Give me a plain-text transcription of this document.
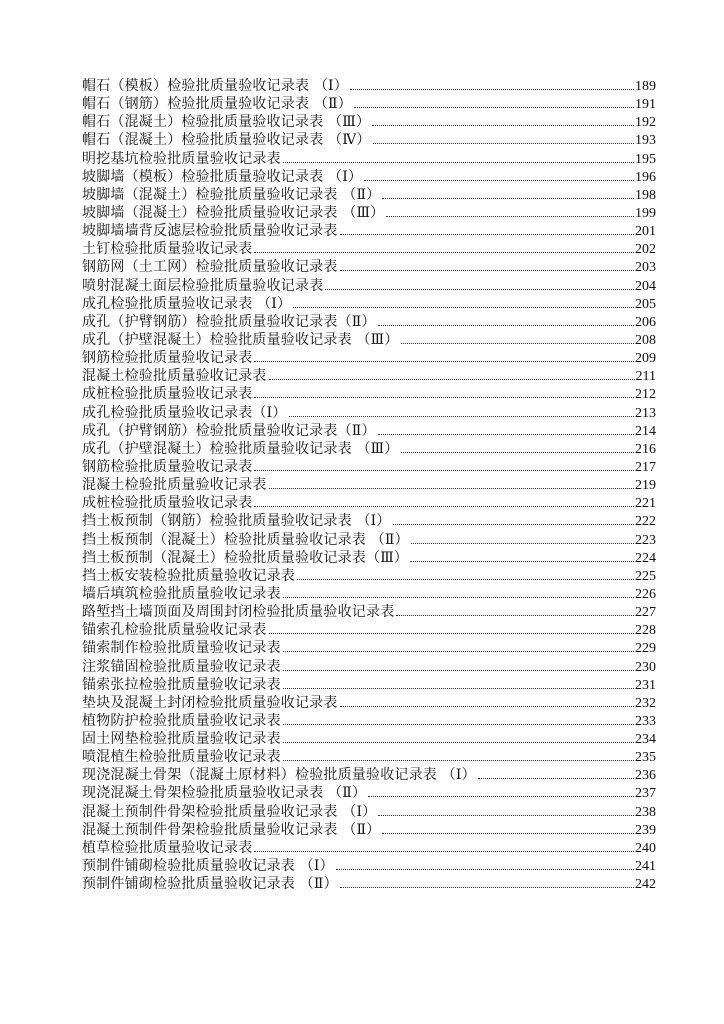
帽石（模板）检验批质量验收记录表 （Ⅰ）	189
帽石（钢筋）检验批质量验收记录表 （Ⅱ）	191
帽石（混凝土）检验批质量验收记录表 （Ⅲ）	192
帽石（混凝土）检验批质量验收记录表 （Ⅳ）	193
明挖基坑检验批质量验收记录表	195
坡脚墙（模板）检验批质量验收记录表 （Ⅰ）	196
坡脚墙（混凝土）检验批质量验收记录表 （Ⅱ）	198
坡脚墙（混凝土）检验批质量验收记录表 （Ⅲ）	199
坡脚墙墙背反滤层检验批质量验收记录表	201
土钉检验批质量验收记录表	202
钢筋网（土工网）检验批质量验收记录表	203
喷射混凝土面层检验批质量验收记录表	204
成孔检验批质量验收记录表 （Ⅰ）	205
成孔（护臂钢筋）检验批质量验收记录表（Ⅱ）	206
成孔（护壁混凝土）检验批质量验收记录表 （Ⅲ）	208
钢筋检验批质量验收记录表	209
混凝土检验批质量验收记录表	211
成桩检验批质量验收记录表	212
成孔检验批质量验收记录表（Ⅰ）	213
成孔（护臂钢筋）检验批质量验收记录表（Ⅱ）	214
成孔（护壁混凝土）检验批质量验收记录表 （Ⅲ）	216
钢筋检验批质量验收记录表	217
混凝土检验批质量验收记录表	219
成桩检验批质量验收记录表	221
挡土板预制（钢筋）检验批质量验收记录表 （Ⅰ）	222
挡土板预制（混凝土）检验批质量验收记录表 （Ⅱ）	223
挡土板预制（混凝土）检验批质量验收记录表（Ⅲ）	224
挡土板安装检验批质量验收记录表	225
墙后填筑检验批质量验收记录表	226
路堑挡土墙顶面及周围封闭检验批质量验收记录表	227
锚索孔检验批质量验收记录表	228
锚索制作检验批质量验收记录表	229
注浆锚固检验批质量验收记录表	230
锚索张拉检验批质量验收记录表	231
垫块及混凝土封闭检验批质量验收记录表	232
植物防护检验批质量验收记录表	233
固土网垫检验批质量验收记录表	234
喷混植生检验批质量验收记录表	235
现浇混凝土骨架（混凝土原材料）检验批质量验收记录表 （Ⅰ）	236
现浇混凝土骨架检验批质量验收记录表 （Ⅱ）	237
混凝土预制件骨架检验批质量验收记录表 （Ⅰ）	238
混凝土预制件骨架检验批质量验收记录表 （Ⅱ）	239
植草检验批质量验收记录表	240
预制件铺砌检验批质量验收记录表 （Ⅰ）	241
预制件铺砌检验批质量验收记录表 （Ⅱ）	242
